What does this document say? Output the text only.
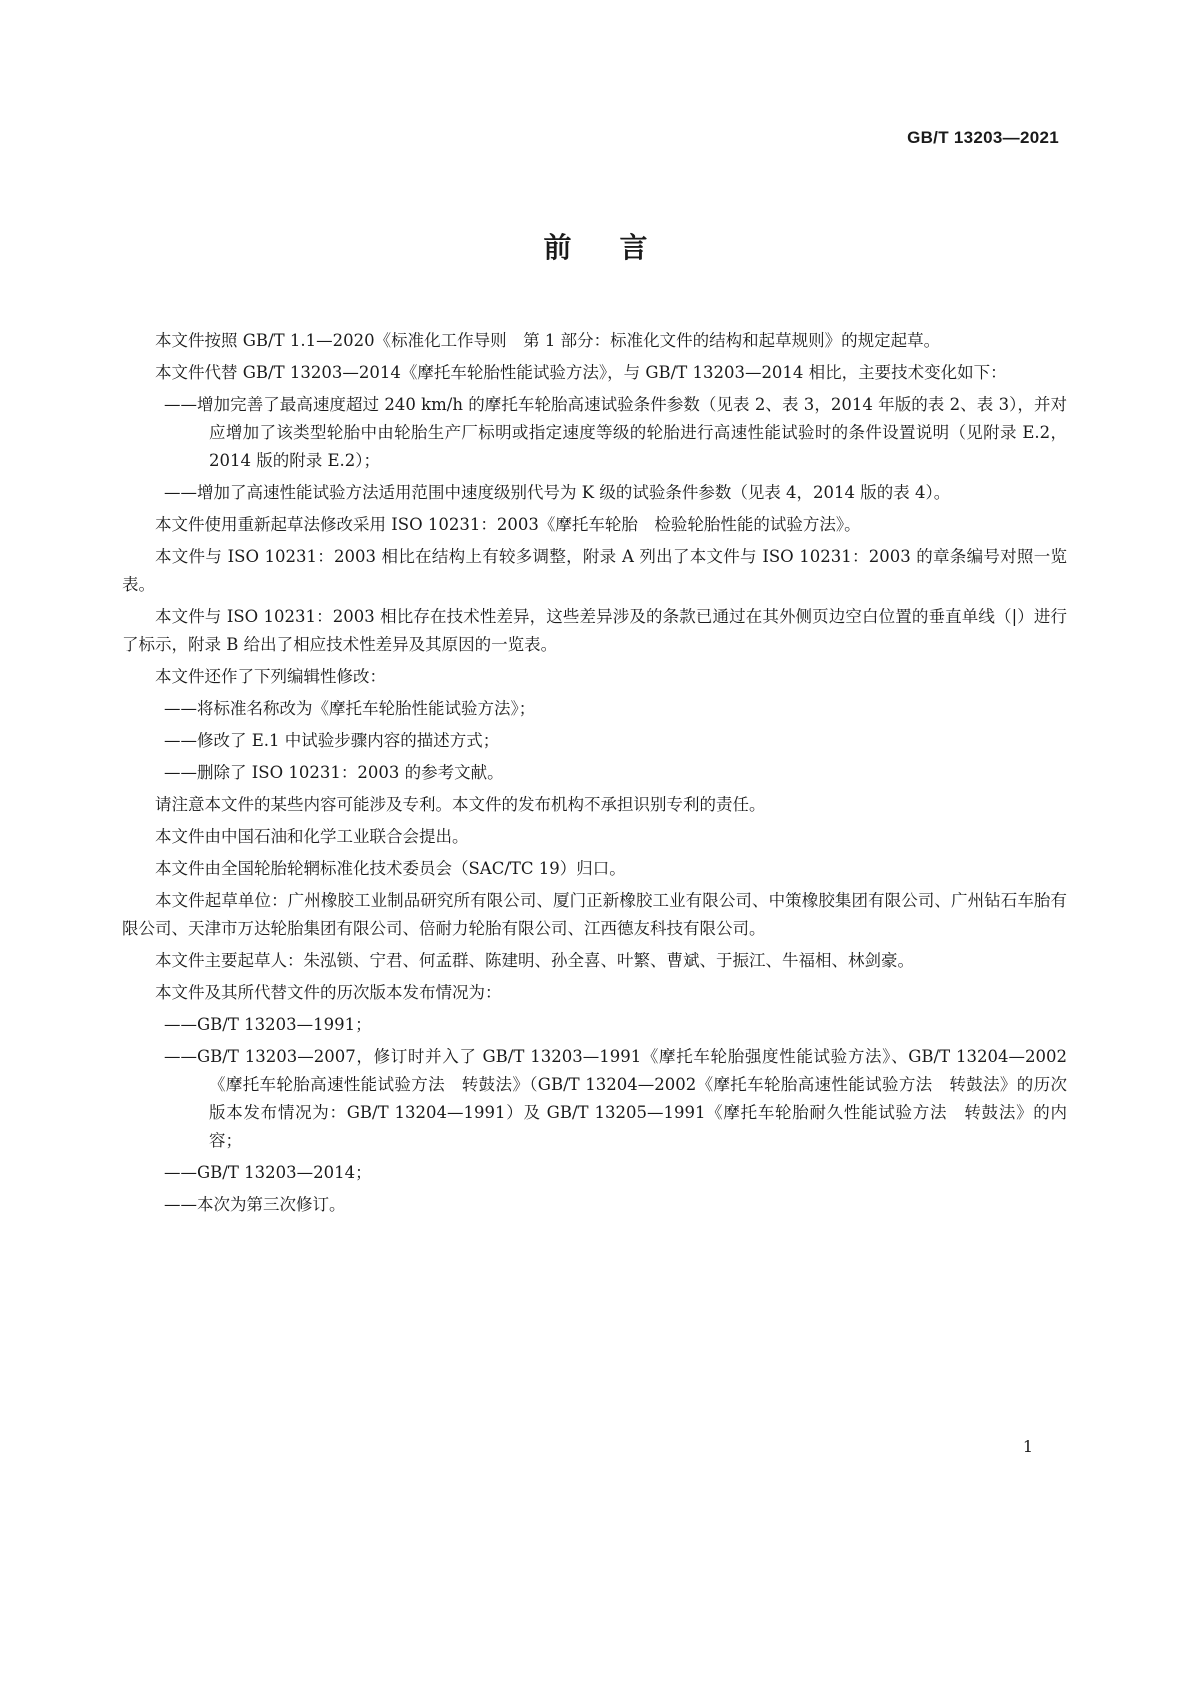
GB/T 13203—2021
前言

本文件按照 GB/T 1.1—2020《标准化工作导则　第 1 部分：标准化文件的结构和起草规则》的规定起草。

本文件代替 GB/T 13203—2014《摩托车轮胎性能试验方法》，与 GB/T 13203—2014 相比，主要技术变化如下：

——增加完善了最高速度超过 240 km/h 的摩托车轮胎高速试验条件参数（见表 2、表 3，2014 年版的表 2、表 3），并对应增加了该类型轮胎中由轮胎生产厂标明或指定速度等级的轮胎进行高速性能试验时的条件设置说明（见附录 E.2，2014 版的附录 E.2）；

——增加了高速性能试验方法适用范围中速度级别代号为 K 级的试验条件参数（见表 4，2014 版的表 4）。

本文件使用重新起草法修改采用 ISO 10231：2003《摩托车轮胎　检验轮胎性能的试验方法》。

本文件与 ISO 10231：2003 相比在结构上有较多调整，附录 A 列出了本文件与 ISO 10231：2003 的章条编号对照一览表。

本文件与 ISO 10231：2003 相比存在技术性差异，这些差异涉及的条款已通过在其外侧页边空白位置的垂直单线（|）进行了标示，附录 B 给出了相应技术性差异及其原因的一览表。

本文件还作了下列编辑性修改：

——将标准名称改为《摩托车轮胎性能试验方法》；

——修改了 E.1 中试验步骤内容的描述方式；

——删除了 ISO 10231：2003 的参考文献。

请注意本文件的某些内容可能涉及专利。本文件的发布机构不承担识别专利的责任。

本文件由中国石油和化学工业联合会提出。

本文件由全国轮胎轮辋标准化技术委员会（SAC/TC 19）归口。

本文件起草单位：广州橡胶工业制品研究所有限公司、厦门正新橡胶工业有限公司、中策橡胶集团有限公司、广州钻石车胎有限公司、天津市万达轮胎集团有限公司、倍耐力轮胎有限公司、江西德友科技有限公司。

本文件主要起草人：朱泓锁、宁君、何孟群、陈建明、孙全喜、叶繁、曹斌、于振江、牛福相、林剑豪。

本文件及其所代替文件的历次版本发布情况为：

——GB/T 13203—1991；

——GB/T 13203—2007，修订时并入了 GB/T 13203—1991《摩托车轮胎强度性能试验方法》、GB/T 13204—2002《摩托车轮胎高速性能试验方法　转鼓法》（GB/T 13204—2002《摩托车轮胎高速性能试验方法　转鼓法》的历次版本发布情况为：GB/T 13204—1991）及 GB/T 13205—1991《摩托车轮胎耐久性能试验方法　转鼓法》的内容；

——GB/T 13203—2014；

——本次为第三次修订。

1
